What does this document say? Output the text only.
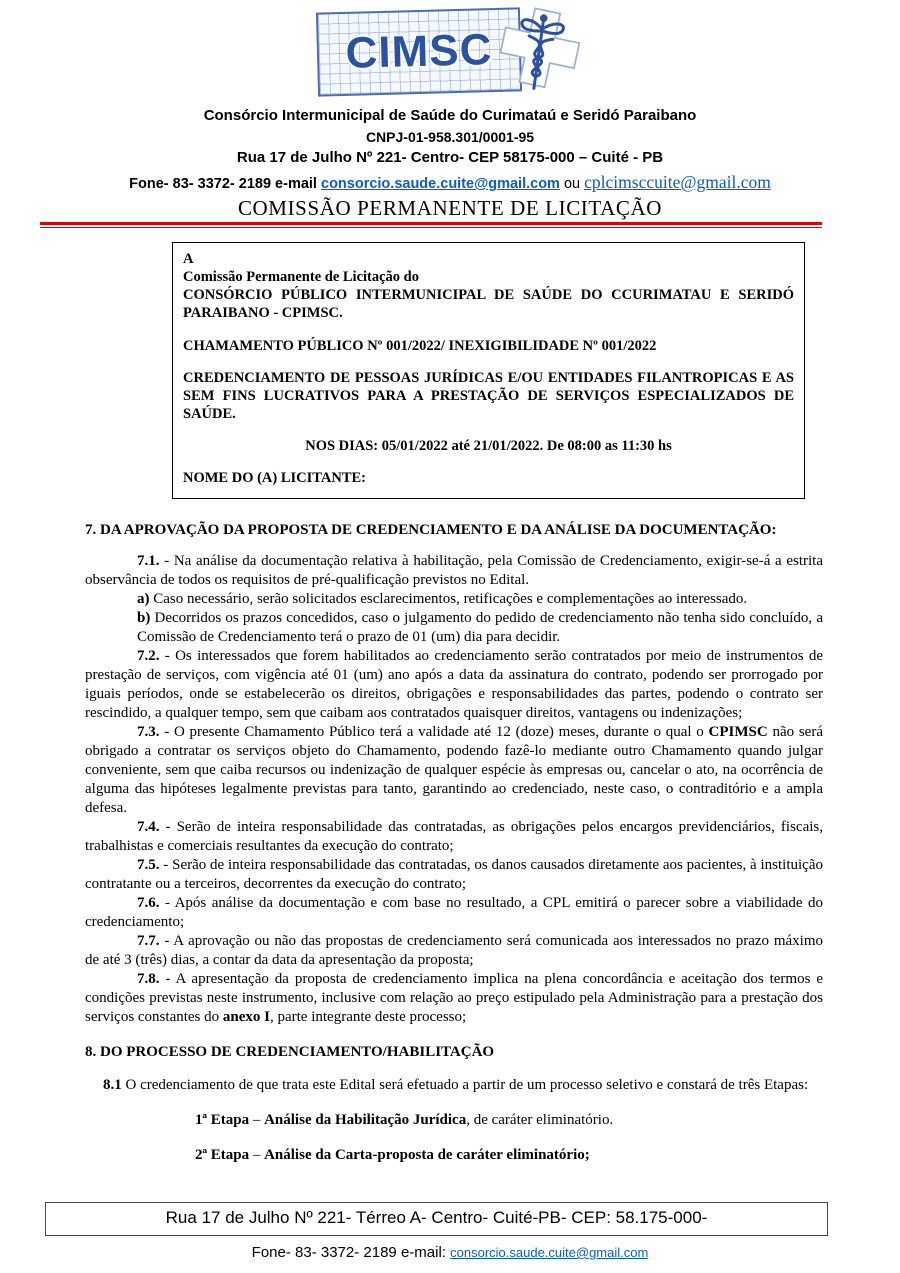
CIMSC
Consórcio Intermunicipal de Saúde do Curimataú e Seridó Paraibano
CNPJ-01-958.301/0001-95
Rua 17 de Julho Nº 221- Centro- CEP 58175-000 – Cuité - PB
Fone- 83- 3372- 2189 e-mail consorcio.saude.cuite@gmail.com ou cplcimsccuite@gmail.com
COMISSÃO PERMANENTE DE LICITAÇÃO
A
Comissão Permanente de Licitação do
CONSÓRCIO PÚBLICO INTERMUNICIPAL DE SAÚDE DO CCURIMATAU E SERIDÓ PARAIBANO - CPIMSC.
CHAMAMENTO PÚBLICO Nº 001/2022/ INEXIGIBILIDADE Nº 001/2022
CREDENCIAMENTO DE PESSOAS JURÍDICAS E/OU ENTIDADES FILANTROPICAS E AS SEM FINS LUCRATIVOS PARA A PRESTAÇÃO DE SERVIÇOS ESPECIALIZADOS DE SAÚDE.
NOS DIAS: 05/01/2022 até 21/01/2022. De 08:00 as 11:30 hs
NOME DO (A) LICITANTE:
7. DA APROVAÇÃO DA PROPOSTA DE CREDENCIAMENTO E DA ANÁLISE DA DOCUMENTAÇÃO:
7.1. - Na análise da documentação relativa à habilitação, pela Comissão de Credenciamento, exigir-se-á a estrita observância de todos os requisitos de pré-qualificação previstos no Edital.
a) Caso necessário, serão solicitados esclarecimentos, retificações e complementações ao interessado.
b) Decorridos os prazos concedidos, caso o julgamento do pedido de credenciamento não tenha sido concluído, a Comissão de Credenciamento terá o prazo de 01 (um) dia para decidir.
7.2. - Os interessados que forem habilitados ao credenciamento serão contratados por meio de instrumentos de prestação de serviços, com vigência até 01 (um) ano após a data da assinatura do contrato, podendo ser prorrogado por iguais períodos, onde se estabelecerão os direitos, obrigações e responsabilidades das partes, podendo o contrato ser rescindido, a qualquer tempo, sem que caibam aos contratados quaisquer direitos, vantagens ou indenizações;
7.3. - O presente Chamamento Público terá a validade até 12 (doze) meses, durante o qual o CPIMSC não será obrigado a contratar os serviços objeto do Chamamento, podendo fazê-lo mediante outro Chamamento quando julgar conveniente, sem que caiba recursos ou indenização de qualquer espécie às empresas ou, cancelar o ato, na ocorrência de alguma das hipóteses legalmente previstas para tanto, garantindo ao credenciado, neste caso, o contraditório e a ampla defesa.
7.4. - Serão de inteira responsabilidade das contratadas, as obrigações pelos encargos previdenciários, fiscais, trabalhistas e comerciais resultantes da execução do contrato;
7.5. - Serão de inteira responsabilidade das contratadas, os danos causados diretamente aos pacientes, à instituição contratante ou a terceiros, decorrentes da execução do contrato;
7.6. - Após análise da documentação e com base no resultado, a CPL emitirá o parecer sobre a viabilidade do credenciamento;
7.7. - A aprovação ou não das propostas de credenciamento será comunicada aos interessados no prazo máximo de até 3 (três) dias, a contar da data da apresentação da proposta;
7.8. - A apresentação da proposta de credenciamento implica na plena concordância e aceitação dos termos e condições previstas neste instrumento, inclusive com relação ao preço estipulado pela Administração para a prestação dos serviços constantes do anexo I, parte integrante deste processo;
8. DO PROCESSO DE CREDENCIAMENTO/HABILITAÇÃO
8.1 O credenciamento de que trata este Edital será efetuado a partir de um processo seletivo e constará de três Etapas:
1ª Etapa – Análise da Habilitação Jurídica, de caráter eliminatório.
2ª Etapa – Análise da Carta-proposta de caráter eliminatório;
Rua 17 de Julho Nº 221- Térreo A- Centro- Cuité-PB- CEP: 58.175-000-
Fone- 83- 3372- 2189 e-mail: consorcio.saude.cuite@gmail.com
